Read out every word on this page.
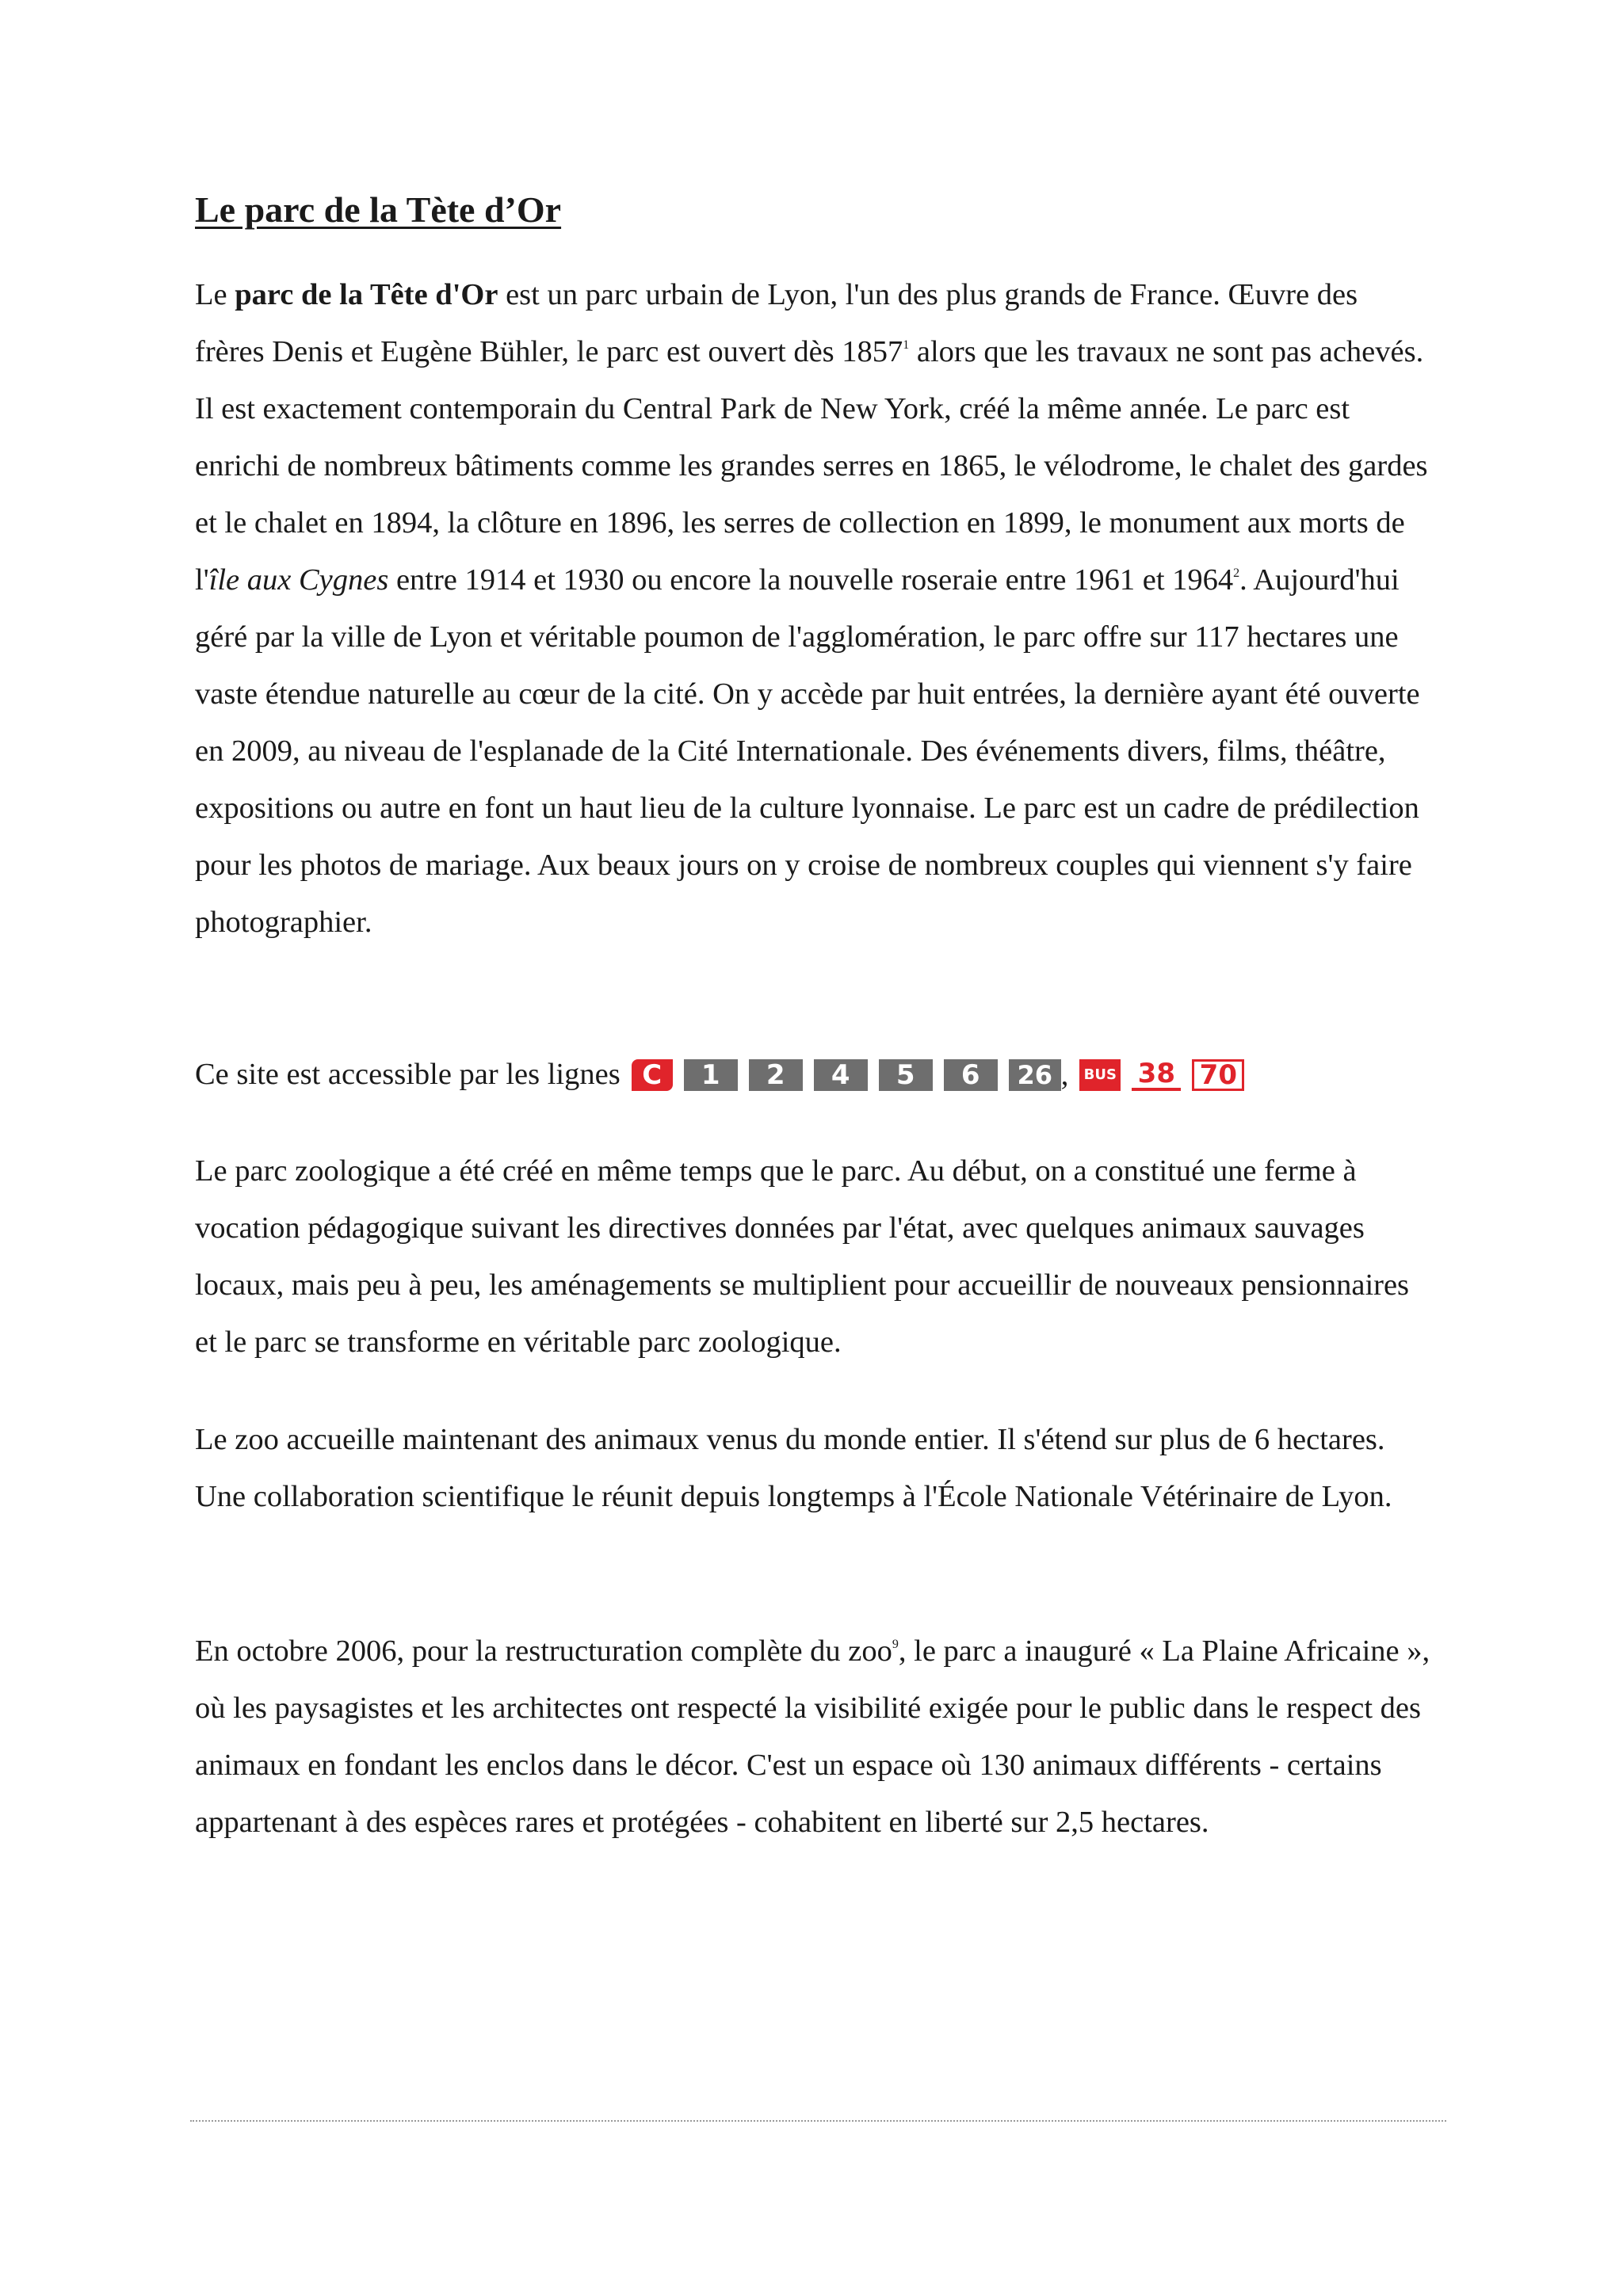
Le parc de la Tète d’Or

Le parc de la Tête d'Or est un parc urbain de Lyon, l'un des plus grands de France. Œuvre des frères Denis et Eugène Bühler, le parc est ouvert dès 1857$^1$ alors que les travaux ne sont pas achevés. Il est exactement contemporain du Central Park de New York, créé la même année. Le parc est enrichi de nombreux bâtiments comme les grandes serres en 1865, le vélodrome, le chalet des gardes et le chalet en 1894, la clôture en 1896, les serres de collection en 1899, le monument aux morts de l'île aux Cygnes entre 1914 et 1930 ou encore la nouvelle roseraie entre 1961 et 1964$^2$. Aujourd'hui géré par la ville de Lyon et véritable poumon de l'agglomération, le parc offre sur 117 hectares une vaste étendue naturelle au cœur de la cité. On y accède par huit entrées, la dernière ayant été ouverte en 2009, au niveau de l'esplanade de la Cité Internationale. Des événements divers, films, théâtre, expositions ou autre en font un haut lieu de la culture lyonnaise. Le parc est un cadre de prédilection pour les photos de mariage. Aux beaux jours on y croise de nombreux couples qui viennent s'y faire photographier.

Ce site est accessible par les lignes C 1 2 4 5 6 26 , BUS 38 70

Le parc zoologique a été créé en même temps que le parc. Au début, on a constitué une ferme à vocation pédagogique suivant les directives données par l'état, avec quelques animaux sauvages locaux, mais peu à peu, les aménagements se multiplient pour accueillir de nouveaux pensionnaires et le parc se transforme en véritable parc zoologique.

Le zoo accueille maintenant des animaux venus du monde entier. Il s'étend sur plus de 6 hectares. Une collaboration scientifique le réunit depuis longtemps à l'École Nationale Vétérinaire de Lyon.

En octobre 2006, pour la restructuration complète du zoo$^9$, le parc a inauguré « La Plaine Africaine », où les paysagistes et les architectes ont respecté la visibilité exigée pour le public dans le respect des animaux en fondant les enclos dans le décor. C'est un espace où 130 animaux différents - certains appartenant à des espèces rares et protégées - cohabitent en liberté sur 2,5 hectares.
